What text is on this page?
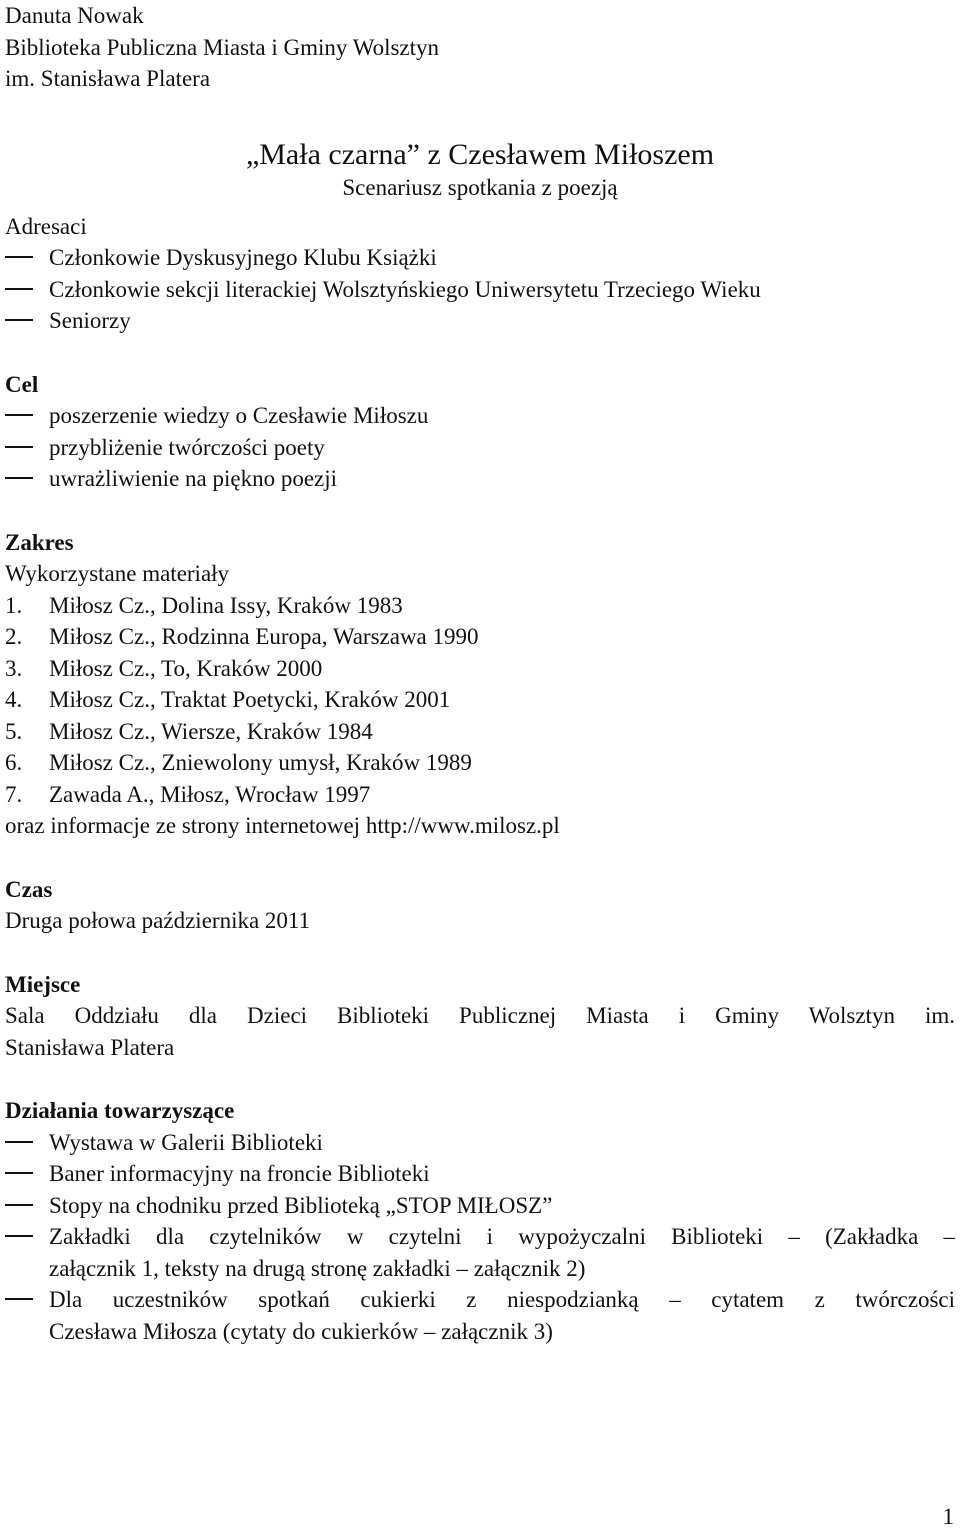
Danuta Nowak

Biblioteka Publiczna Miasta i Gminy Wolsztyn

im. Stanisława Platera

„Mała czarna” z Czesławem Miłoszem

Scenariusz spotkania z poezją

Adresaci

Członkowie Dyskusyjnego Klubu Książki
Członkowie sekcji literackiej Wolsztyńskiego Uniwersytetu Trzeciego Wieku
Seniorzy

Cel

poszerzenie wiedzy o Czesławie Miłoszu
przybliżenie twórczości poety
uwrażliwienie na piękno poezji

Zakres

Wykorzystane materiały

1. Miłosz Cz., Dolina Issy, Kraków 1983
2. Miłosz Cz., Rodzinna Europa, Warszawa 1990
3. Miłosz Cz., To, Kraków 2000
4. Miłosz Cz., Traktat Poetycki, Kraków 2001
5. Miłosz Cz., Wiersze, Kraków 1984
6. Miłosz Cz., Zniewolony umysł, Kraków 1989
7. Zawada A., Miłosz, Wrocław 1997

oraz informacje ze strony internetowej http://www.milosz.pl

Czas

Druga połowa października 2011

Miejsce

Sala Oddziału dla Dzieci Biblioteki Publicznej Miasta i Gminy Wolsztyn im.

Stanisława Platera

Działania towarzyszące

Wystawa w Galerii Biblioteki
Baner informacyjny na froncie Biblioteki
Stopy na chodniku przed Biblioteką „STOP MIŁOSZ”
Zakładki dla czytelników w czytelni i wypożyczalni Biblioteki – (Zakładka –
załącznik 1, teksty na drugą stronę zakładki – załącznik 2)
Dla uczestników spotkań cukierki z niespodzianką – cytatem z twórczości
Czesława Miłosza (cytaty do cukierków – załącznik 3)
1
